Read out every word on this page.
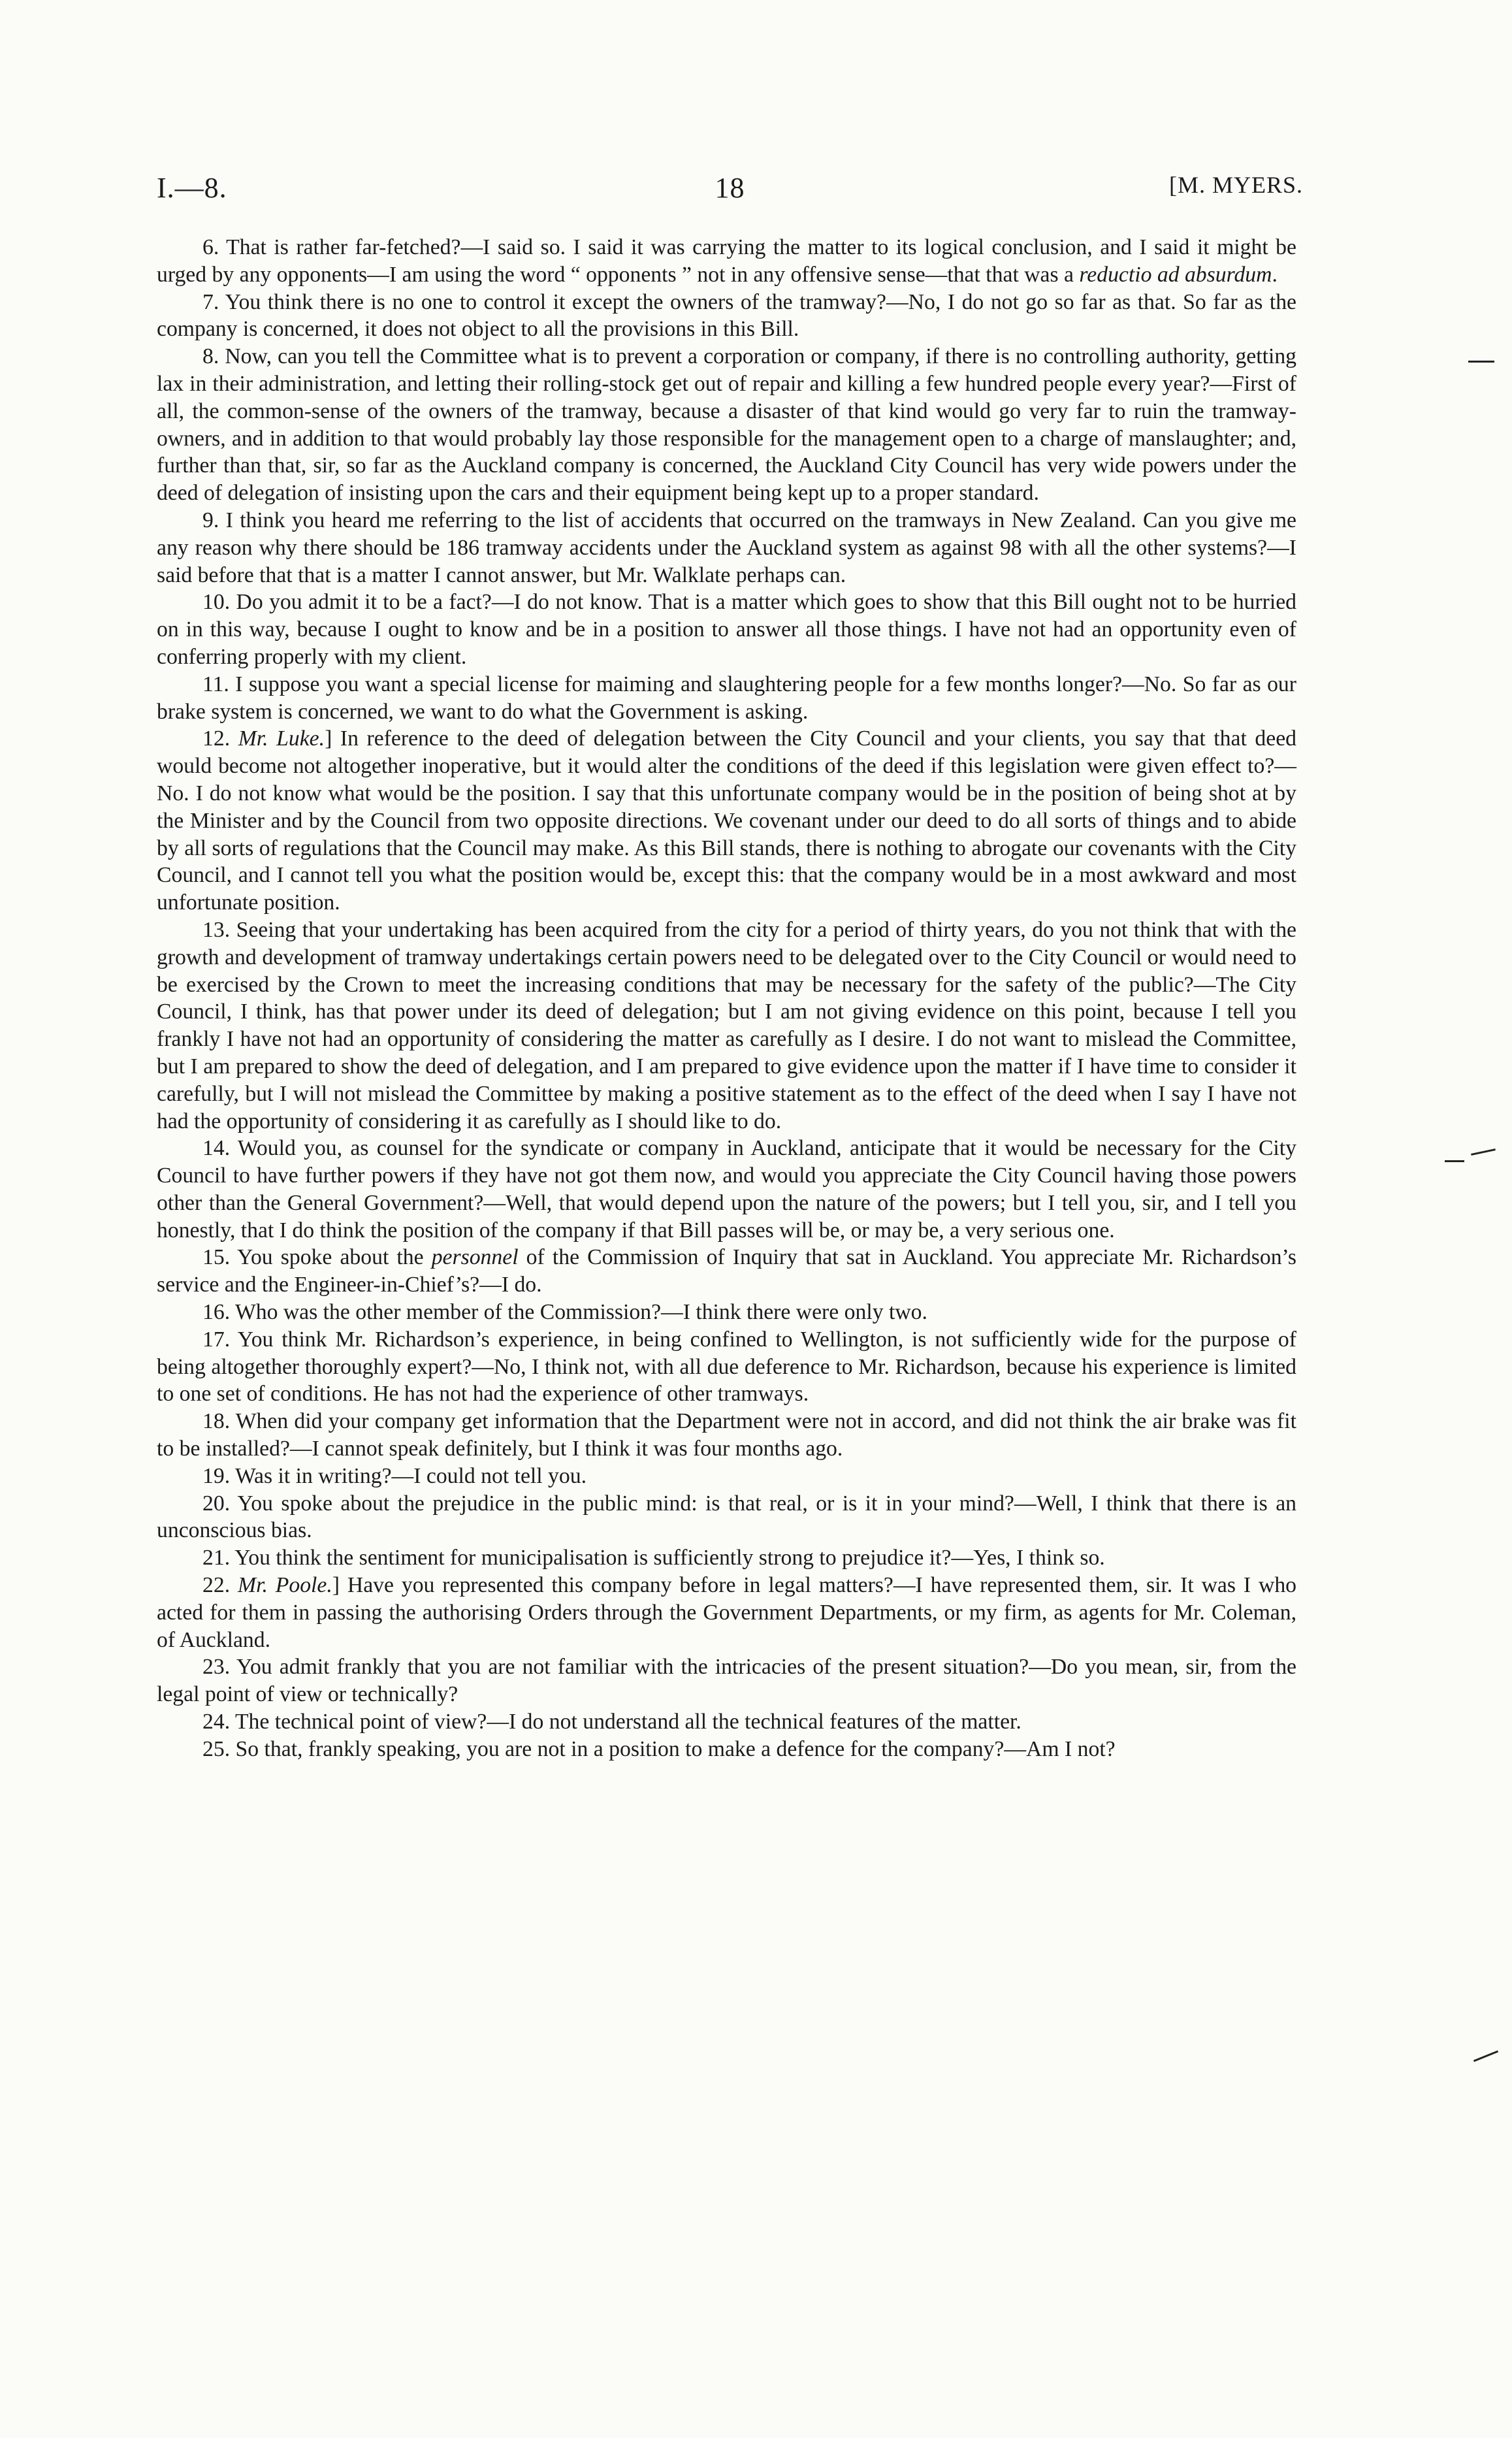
I.—8.	18	[M. MYERS.

6. That is rather far-fetched?—I said so. I said it was carrying the matter to its logical conclusion, and I said it might be urged by any opponents—I am using the word “ opponents ” not in any offensive sense—that that was a reductio ad absurdum.

7. You think there is no one to control it except the owners of the tramway?—No, I do not go so far as that. So far as the company is concerned, it does not object to all the provisions in this Bill.

8. Now, can you tell the Committee what is to prevent a corporation or company, if there is no controlling authority, getting lax in their administration, and letting their rolling-stock get out of repair and killing a few hundred people every year?—First of all, the common-sense of the owners of the tramway, because a disaster of that kind would go very far to ruin the tramway-owners, and in addition to that would probably lay those responsible for the management open to a charge of manslaughter; and, further than that, sir, so far as the Auckland company is concerned, the Auckland City Council has very wide powers under the deed of delegation of insisting upon the cars and their equipment being kept up to a proper standard.

9. I think you heard me referring to the list of accidents that occurred on the tramways in New Zealand. Can you give me any reason why there should be 186 tramway accidents under the Auckland system as against 98 with all the other systems?—I said before that that is a matter I cannot answer, but Mr. Walklate perhaps can.

10. Do you admit it to be a fact?—I do not know. That is a matter which goes to show that this Bill ought not to be hurried on in this way, because I ought to know and be in a position to answer all those things. I have not had an opportunity even of conferring properly with my client.

11. I suppose you want a special license for maiming and slaughtering people for a few months longer?—No. So far as our brake system is concerned, we want to do what the Government is asking.

12. Mr. Luke.] In reference to the deed of delegation between the City Council and your clients, you say that that deed would become not altogether inoperative, but it would alter the conditions of the deed if this legislation were given effect to?—No. I do not know what would be the position. I say that this unfortunate company would be in the position of being shot at by the Minister and by the Council from two opposite directions. We covenant under our deed to do all sorts of things and to abide by all sorts of regulations that the Council may make. As this Bill stands, there is nothing to abrogate our covenants with the City Council, and I cannot tell you what the position would be, except this: that the company would be in a most awkward and most unfortunate position.

13. Seeing that your undertaking has been acquired from the city for a period of thirty years, do you not think that with the growth and development of tramway undertakings certain powers need to be delegated over to the City Council or would need to be exercised by the Crown to meet the increasing conditions that may be necessary for the safety of the public?—The City Council, I think, has that power under its deed of delegation; but I am not giving evidence on this point, because I tell you frankly I have not had an opportunity of considering the matter as carefully as I desire. I do not want to mislead the Committee, but I am prepared to show the deed of delegation, and I am prepared to give evidence upon the matter if I have time to consider it carefully, but I will not mislead the Committee by making a positive statement as to the effect of the deed when I say I have not had the opportunity of considering it as carefully as I should like to do.

14. Would you, as counsel for the syndicate or company in Auckland, anticipate that it would be necessary for the City Council to have further powers if they have not got them now, and would you appreciate the City Council having those powers other than the General Government?—Well, that would depend upon the nature of the powers; but I tell you, sir, and I tell you honestly, that I do think the position of the company if that Bill passes will be, or may be, a very serious one.

15. You spoke about the personnel of the Commission of Inquiry that sat in Auckland. You appreciate Mr. Richardson’s service and the Engineer-in-Chief’s?—I do.

16. Who was the other member of the Commission?—I think there were only two.

17. You think Mr. Richardson’s experience, in being confined to Wellington, is not sufficiently wide for the purpose of being altogether thoroughly expert?—No, I think not, with all due deference to Mr. Richardson, because his experience is limited to one set of conditions. He has not had the experience of other tramways.

18. When did your company get information that the Department were not in accord, and did not think the air brake was fit to be installed?—I cannot speak definitely, but I think it was four months ago.

19. Was it in writing?—I could not tell you.

20. You spoke about the prejudice in the public mind: is that real, or is it in your mind?—Well, I think that there is an unconscious bias.

21. You think the sentiment for municipalisation is sufficiently strong to prejudice it?—Yes, I think so.

22. Mr. Poole.] Have you represented this company before in legal matters?—I have represented them, sir. It was I who acted for them in passing the authorising Orders through the Government Departments, or my firm, as agents for Mr. Coleman, of Auckland.

23. You admit frankly that you are not familiar with the intricacies of the present situation?—Do you mean, sir, from the legal point of view or technically?

24. The technical point of view?—I do not understand all the technical features of the matter.

25. So that, frankly speaking, you are not in a position to make a defence for the company?—Am I not?
